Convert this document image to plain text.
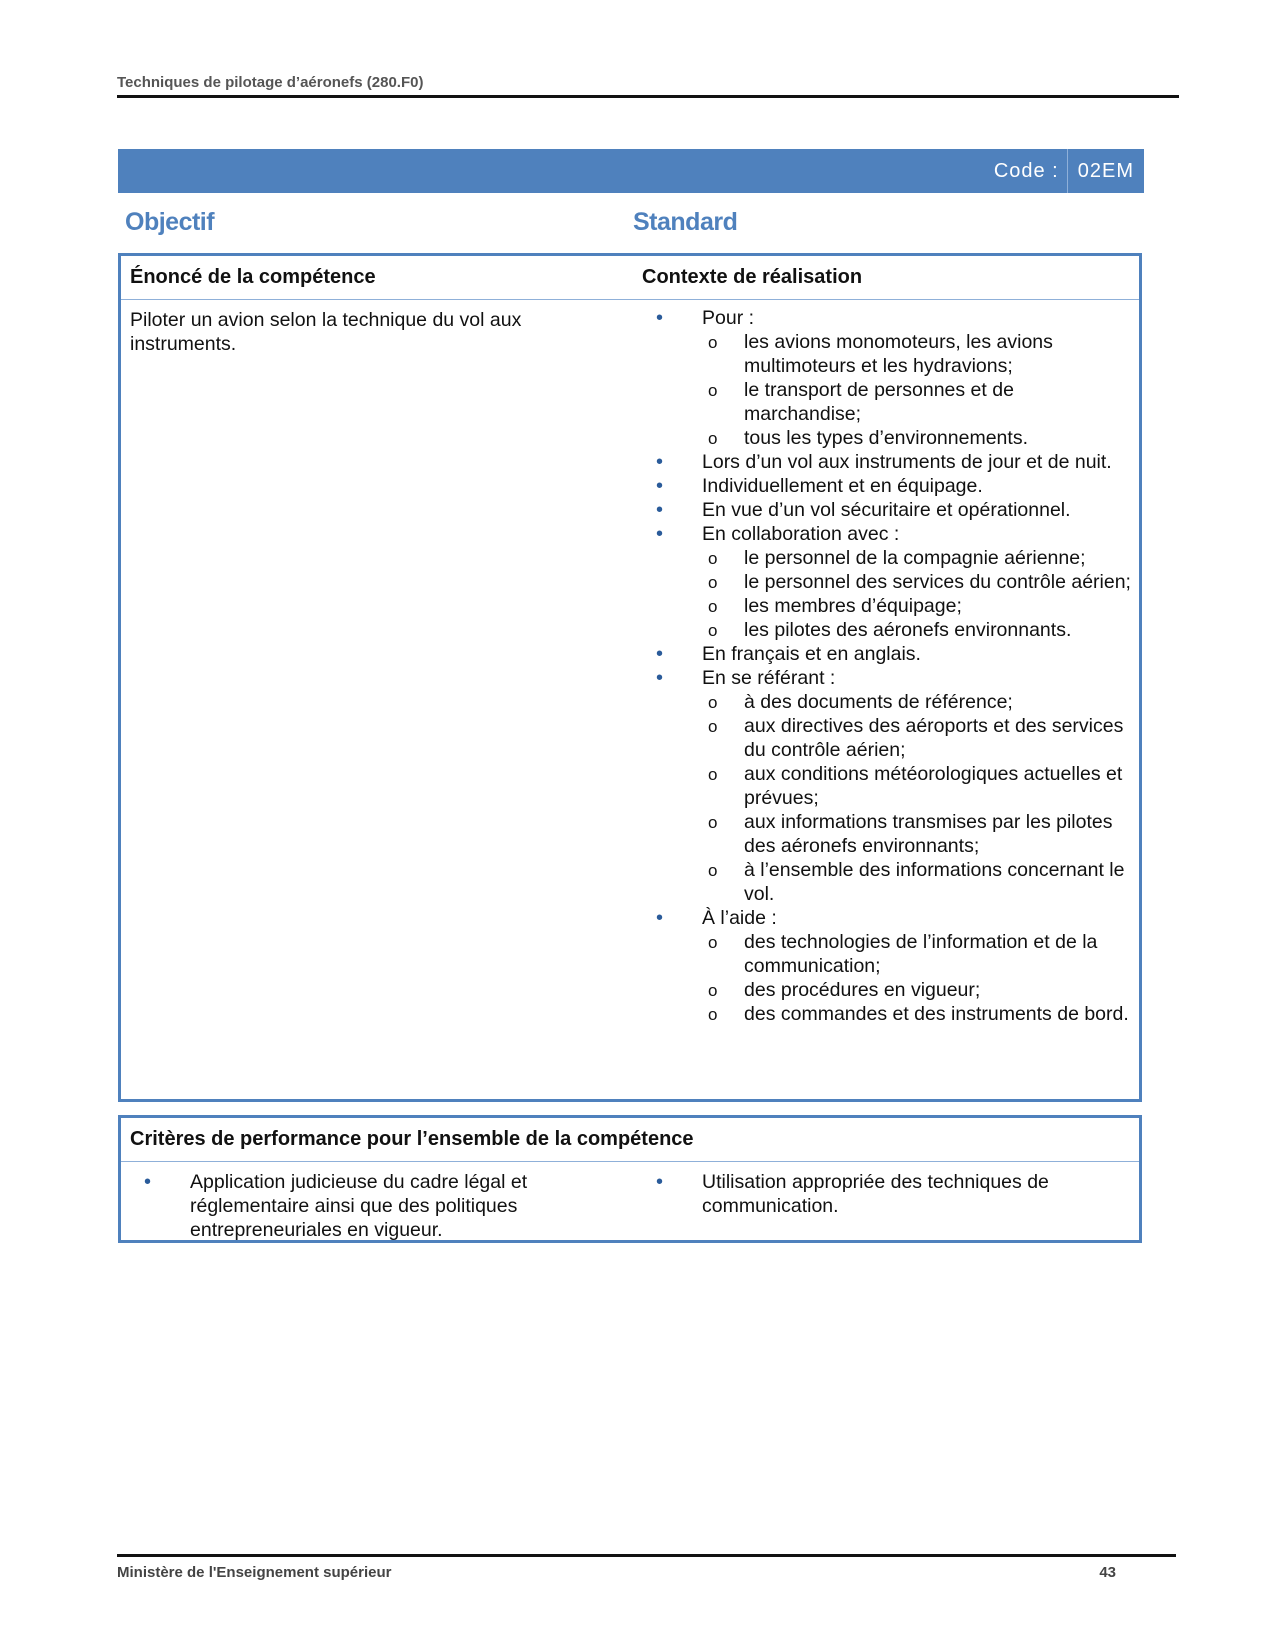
Techniques de pilotage d’aéronefs (280.F0)
Code : 02EM
Objectif	Standard
Énoncé de la compétence	Contexte de réalisation
Piloter un avion selon la technique du vol aux instruments.
• Pour :
o les avions monomoteurs, les avions multimoteurs et les hydravions;
o le transport de personnes et de marchandise;
o tous les types d’environnements.
• Lors d’un vol aux instruments de jour et de nuit.
• Individuellement et en équipage.
• En vue d’un vol sécuritaire et opérationnel.
• En collaboration avec :
o le personnel de la compagnie aérienne;
o le personnel des services du contrôle aérien;
o les membres d’équipage;
o les pilotes des aéronefs environnants.
• En français et en anglais.
• En se référant :
o à des documents de référence;
o aux directives des aéroports et des services du contrôle aérien;
o aux conditions météorologiques actuelles et prévues;
o aux informations transmises par les pilotes des aéronefs environnants;
o à l’ensemble des informations concernant le vol.
• À l’aide :
o des technologies de l’information et de la communication;
o des procédures en vigueur;
o des commandes et des instruments de bord.
Critères de performance pour l’ensemble de la compétence
• Application judicieuse du cadre légal et réglementaire ainsi que des politiques entrepreneuriales en vigueur.
• Utilisation appropriée des techniques de communication.
Ministère de l'Enseignement supérieur	43
